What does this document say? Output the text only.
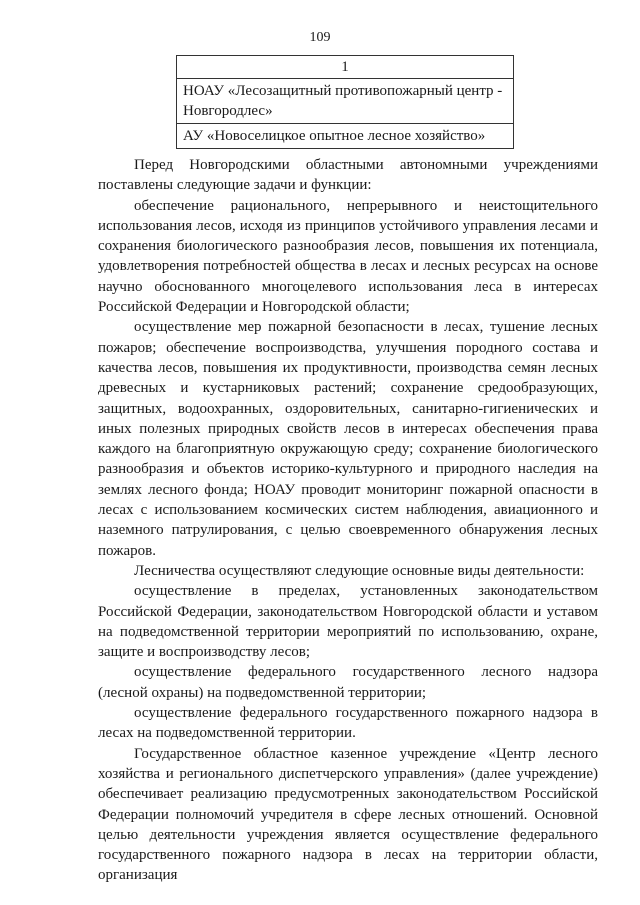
109
1
НОАУ «Лесозащитный противопожарный центр - Новгородлес»
АУ «Новоселицкое опытное лесное хозяйство»

Перед Новгородскими областными автономными учреждениями поставлены следующие задачи и функции:

обеспечение рационального, непрерывного и неистощительного использования лесов, исходя из принципов устойчивого управления лесами и сохранения биологического разнообразия лесов, повышения их потенциала, удовлетворения потребностей общества в лесах и лесных ресурсах на основе научно обоснованного многоцелевого использования леса в интересах Российской Федерации и Новгородской области;

осуществление мер пожарной безопасности в лесах, тушение лесных пожаров; обеспечение воспроизводства, улучшения породного состава и качества лесов, повышения их продуктивности, производства семян лесных древесных и кустарниковых растений; сохранение средообразующих, защитных, водоохранных, оздоровительных, санитарно-гигиенических и иных полезных природных свойств лесов в интересах обеспечения права каждого на благоприятную окружающую среду; сохранение биологического разнообразия и объектов историко-культурного и природного наследия на землях лесного фонда; НОАУ проводит мониторинг пожарной опасности в лесах с использованием космических систем наблюдения, авиационного и наземного патрулирования, с целью своевременного обнаружения лесных пожаров.

Лесничества осуществляют следующие основные виды деятельности:

осуществление в пределах, установленных законодательством Российской Федерации, законодательством Новгородской области и уставом на подведомственной территории мероприятий по использованию, охране, защите и воспроизводству лесов;

осуществление федерального государственного лесного надзора (лесной охраны) на подведомственной территории;

осуществление федерального государственного пожарного надзора в лесах на подведомственной территории.

Государственное областное казенное учреждение «Центр лесного хозяйства и регионального диспетчерского управления» (далее учреждение) обеспечивает реализацию предусмотренных законодательством Российской Федерации полномочий учредителя в сфере лесных отношений. Основной целью деятельности учреждения является осуществление федерального государственного пожарного надзора в лесах на территории области, организация
